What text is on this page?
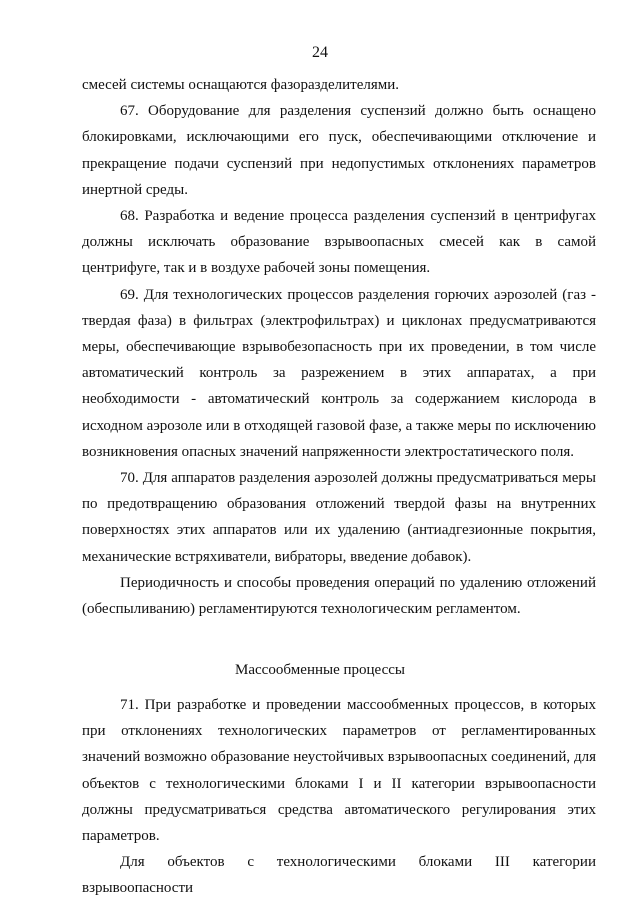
24

смесей системы оснащаются фазоразделителями.

67. Оборудование для разделения суспензий должно быть оснащено блокировками, исключающими его пуск, обеспечивающими отключение и прекращение подачи суспензий при недопустимых отклонениях параметров инертной среды.

68. Разработка и ведение процесса разделения суспензий в центрифугах должны исключать образование взрывоопасных смесей как в самой центрифуге, так и в воздухе рабочей зоны помещения.

69. Для технологических процессов разделения горючих аэрозолей (газ - твердая фаза) в фильтрах (электрофильтрах) и циклонах предусматриваются меры, обеспечивающие взрывобезопасность при их проведении, в том числе автоматический контроль за разрежением в этих аппаратах, а при необходимости - автоматический контроль за содержанием кислорода в исходном аэрозоле или в отходящей газовой фазе, а также меры по исключению возникновения опасных значений напряженности электростатического поля.

70. Для аппаратов разделения аэрозолей должны предусматриваться меры по предотвращению образования отложений твердой фазы на внутренних поверхностях этих аппаратов или их удалению (антиадгезионные покрытия, механические встряхиватели, вибраторы, введение добавок).

Периодичность и способы проведения операций по удалению отложений (обеспыливанию) регламентируются технологическим регламентом.

Массообменные процессы

71. При разработке и проведении массообменных процессов, в которых при отклонениях технологических параметров от регламентированных значений возможно образование неустойчивых взрывоопасных соединений, для объектов с технологическими блоками I и II категории взрывоопасности должны предусматриваться средства автоматического регулирования этих параметров.

Для объектов с технологическими блоками III категории взрывоопасности
